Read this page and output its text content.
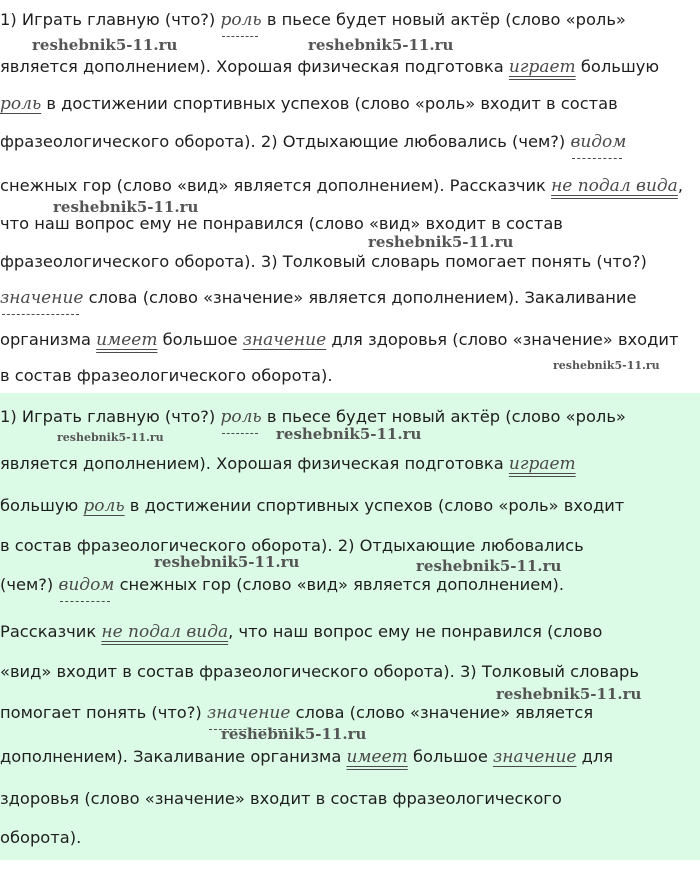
1) Играть главную (что?) роль в пьесе будет новый актёр (слово «роль»
является дополнением). Хорошая физическая подготовка играет большую
роль в достижении спортивных успехов (слово «роль» входит в состав
фразеологического оборота). 2) Отдыхающие любовались (чем?) видом
снежных гор (слово «вид» является дополнением). Рассказчик не подал вида,
что наш вопрос ему не понравился (слово «вид» входит в состав
фразеологического оборота). 3) Толковый словарь помогает понять (что?)
значение слова (слово «значение» является дополнением). Закаливание
организма имеет большое значение для здоровья (слово «значение» входит
в состав фразеологического оборота).
1) Играть главную (что?) роль в пьесе будет новый актёр (слово «роль»
является дополнением). Хорошая физическая подготовка играет
большую роль в достижении спортивных успехов (слово «роль» входит
в состав фразеологического оборота). 2) Отдыхающие любовались
(чем?) видом снежных гор (слово «вид» является дополнением).
Рассказчик не подал вида, что наш вопрос ему не понравился (слово
«вид» входит в состав фразеологического оборота). 3) Толковый словарь
помогает понять (что?) значение слова (слово «значение» является
дополнением). Закаливание организма имеет большое значение для
здоровья (слово «значение» входит в состав фразеологического
оборота).
reshebnik5-11.ru	reshebnik5-11.ru
reshebnik5-11.ru
reshebnik5-11.ru
reshebnik5-11.ru
reshebnik5-11.ru	reshebnik5-11.ru
reshebnik5-11.ru	reshebnik5-11.ru
reshebnik5-11.ru
reshebnik5-11.ru
